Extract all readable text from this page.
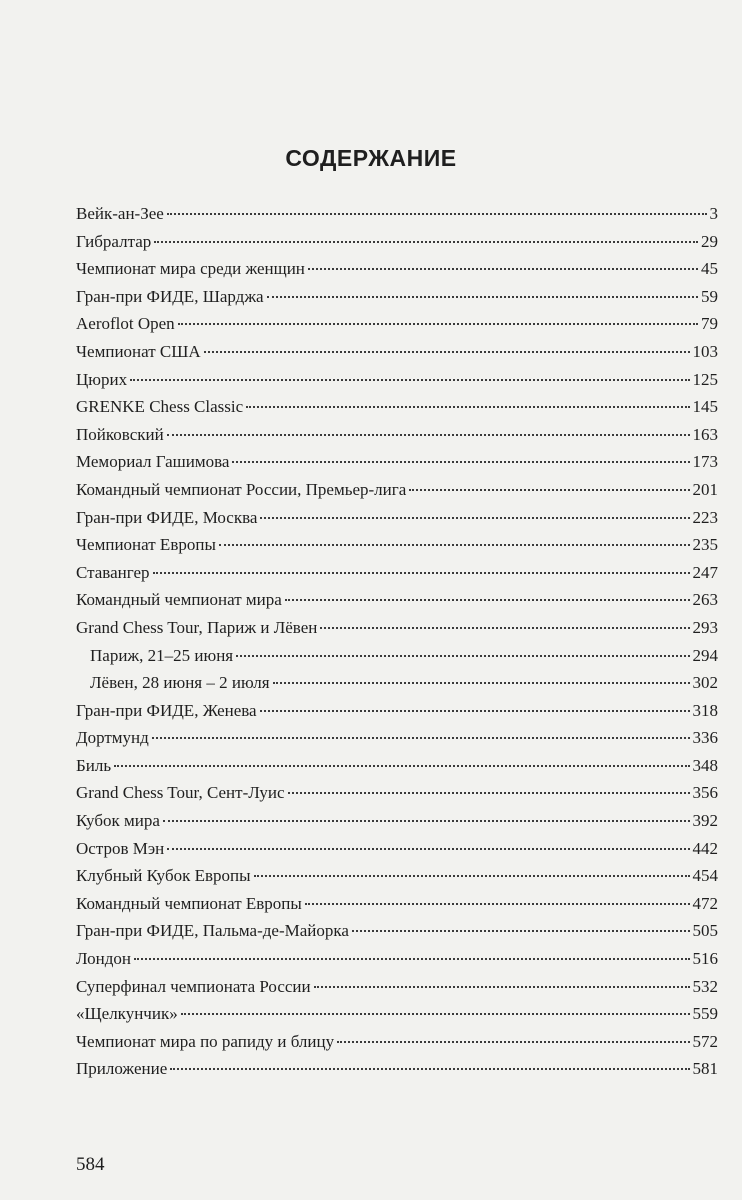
СОДЕРЖАНИЕ
Вейк-ан-Зее	3
Гибралтар	29
Чемпионат мира среди женщин	45
Гран-при ФИДЕ, Шарджа	59
Aeroflot Open	79
Чемпионат США	103
Цюрих	125
GRENKE Chess Classic	145
Пойковский	163
Мемориал Гашимова	173
Командный чемпионат России, Премьер-лига	201
Гран-при ФИДЕ, Москва	223
Чемпионат Европы	235
Ставангер	247
Командный чемпионат мира	263
Grand Chess Tour, Париж и Лёвен	293
Париж, 21–25 июня	294
Лёвен, 28 июня – 2 июля	302
Гран-при ФИДЕ, Женева	318
Дортмунд	336
Биль	348
Grand Chess Tour, Сент-Луис	356
Кубок мира	392
Остров Мэн	442
Клубный Кубок Европы	454
Командный чемпионат Европы	472
Гран-при ФИДЕ, Пальма-де-Майорка	505
Лондон	516
Суперфинал чемпионата России	532
«Щелкунчик»	559
Чемпионат мира по рапиду и блицу	572
Приложение	581
584
